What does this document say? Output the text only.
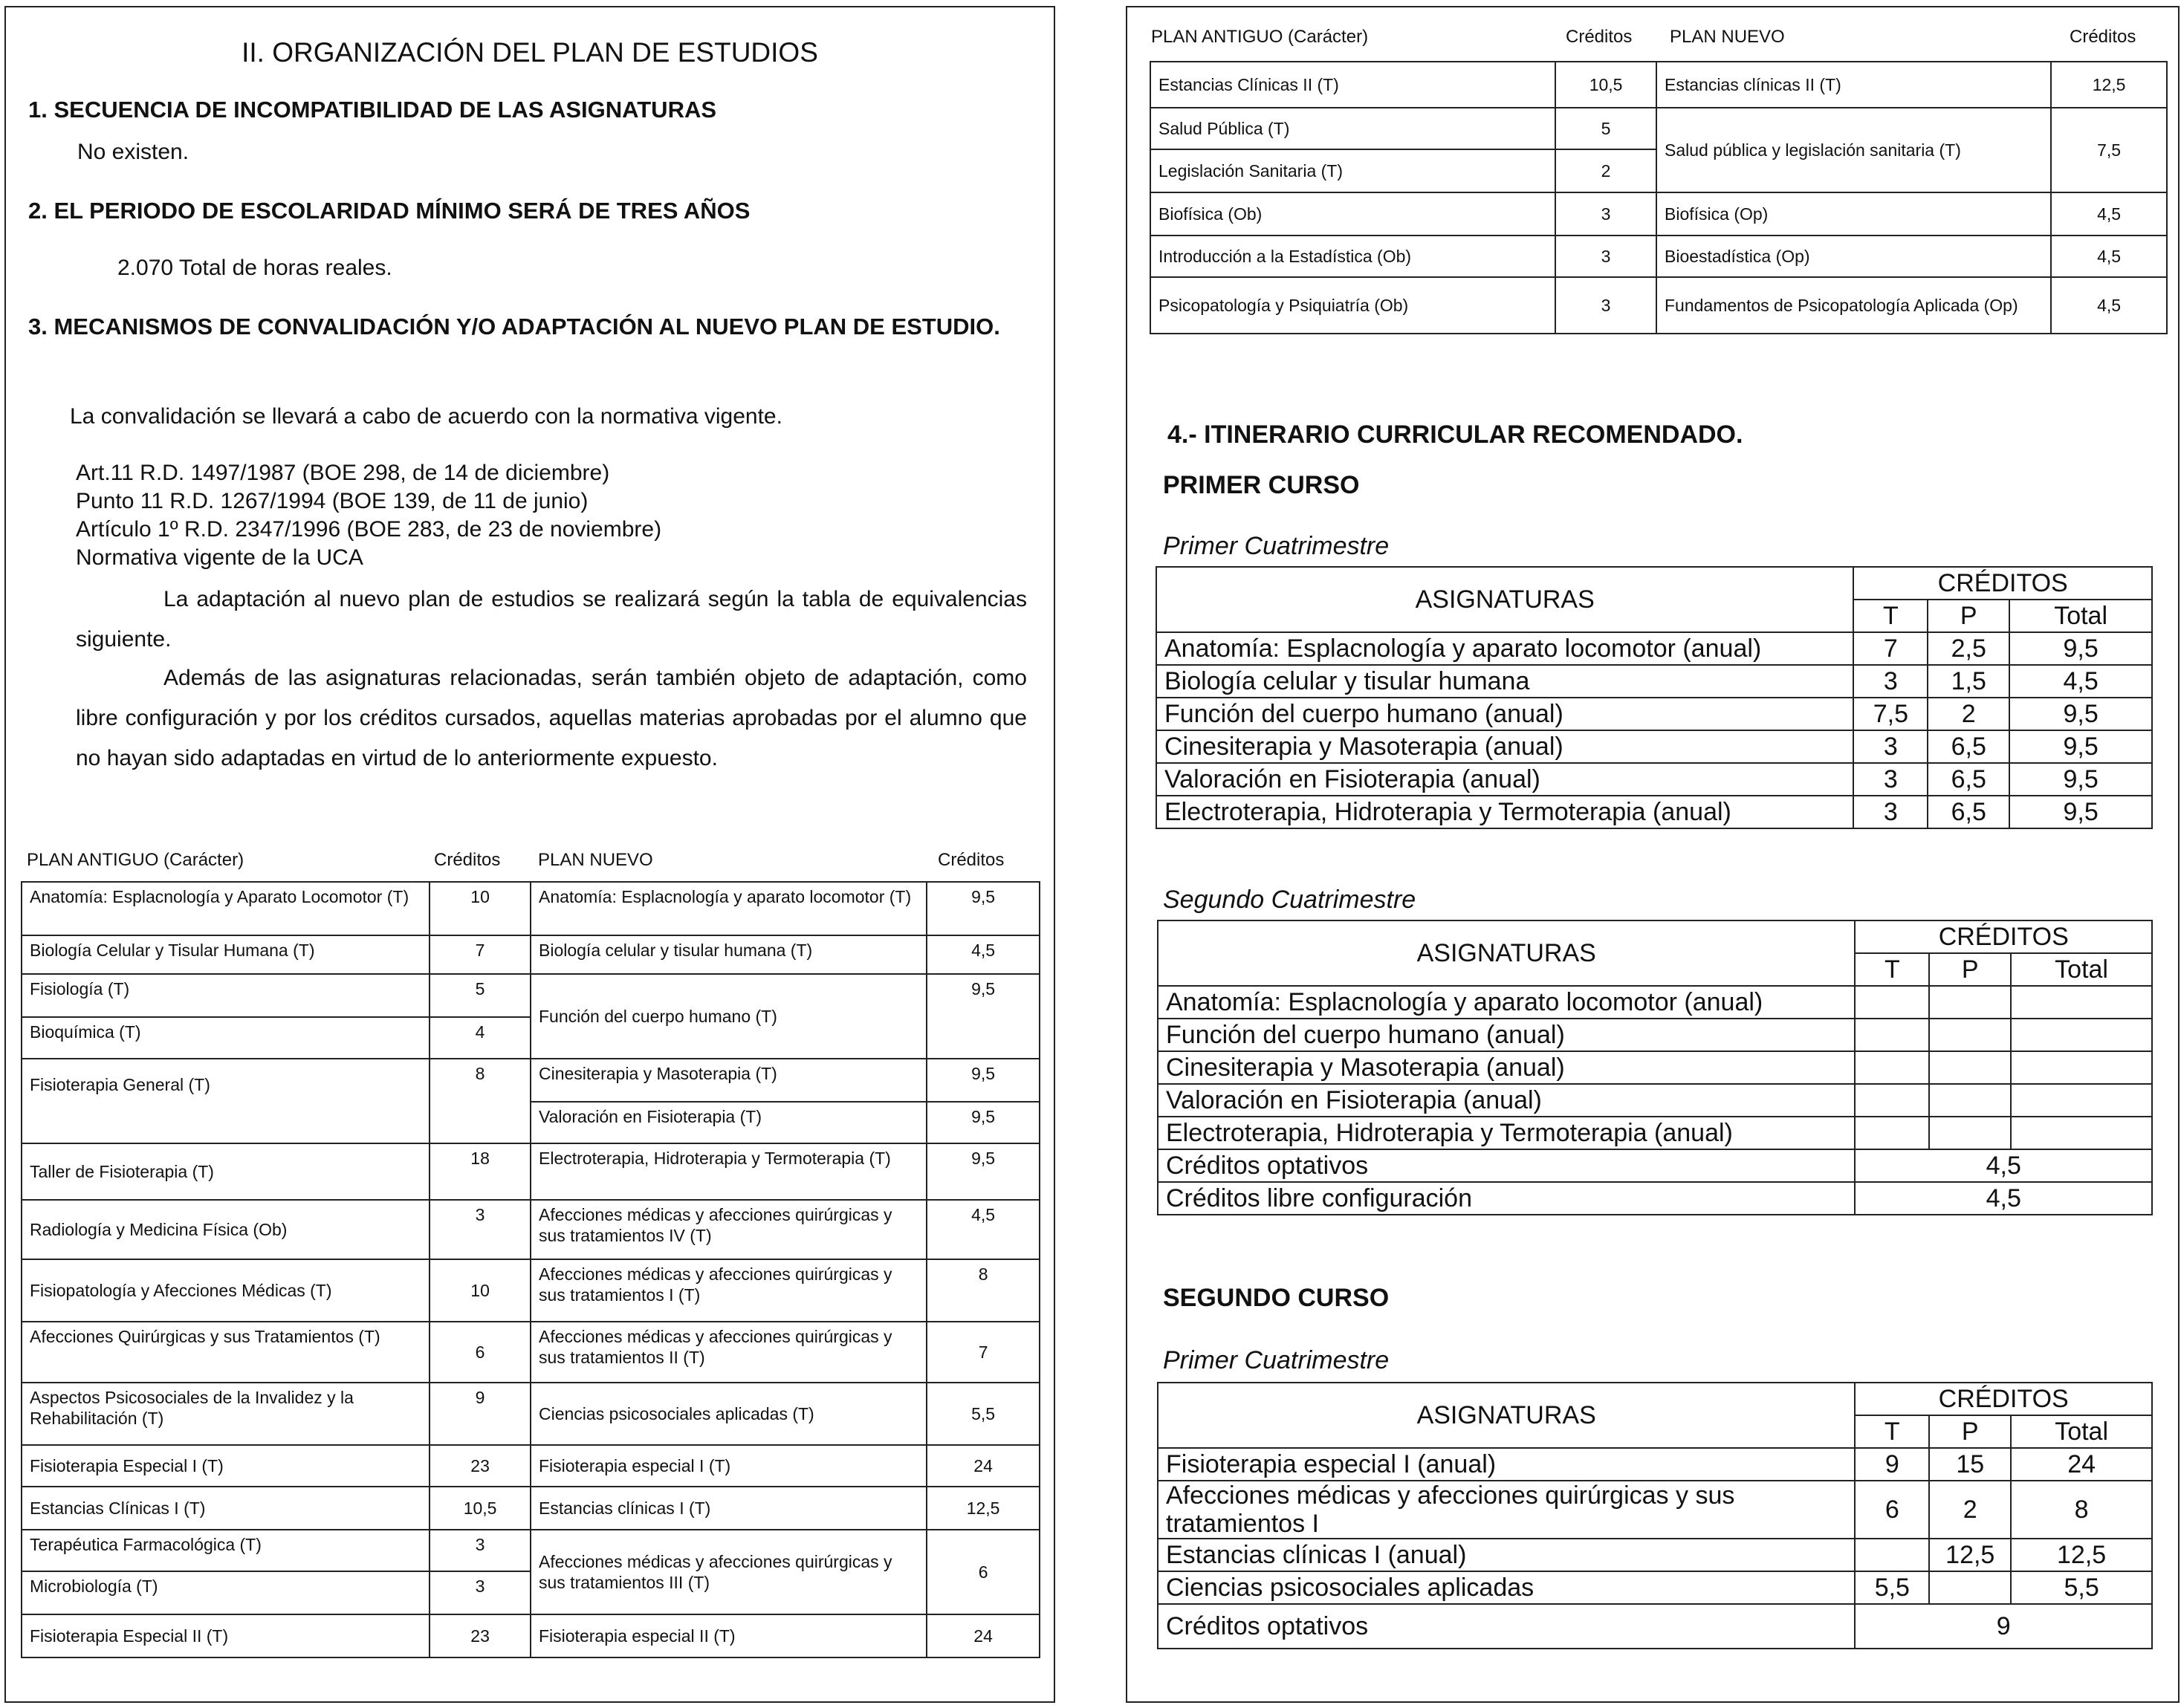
II. ORGANIZACIÓN DEL PLAN DE ESTUDIOS
1. SECUENCIA DE INCOMPATIBILIDAD DE LAS ASIGNATURAS
No existen.
2. EL PERIODO DE ESCOLARIDAD MÍNIMO SERÁ DE TRES AÑOS
2.070 Total de horas reales.
3. MECANISMOS DE CONVALIDACIÓN Y/O ADAPTACIÓN AL NUEVO PLAN DE ESTUDIO.
La convalidación se llevará a cabo de acuerdo con la normativa vigente.
Art.11 R.D. 1497/1987 (BOE 298, de 14 de diciembre)
Punto 11 R.D. 1267/1994 (BOE 139, de 11 de junio)
Artículo 1º R.D. 2347/1996 (BOE 283, de 23 de noviembre)
Normativa vigente de la UCA
La adaptación al nuevo plan de estudios se realizará según la tabla de equivalencias siguiente.
Además de las asignaturas relacionadas, serán también objeto de adaptación, como libre configuración y por los créditos cursados, aquellas materias aprobadas por el alumno que no hayan sido adaptadas en virtud de lo anteriormente expuesto.
PLAN ANTIGUO (Carácter)	Créditos PLAN NUEVO	Créditos
Anatomía: Esplacnología y Aparato Locomotor (T)	10	Anatomía: Esplacnología y aparato locomotor (T)	9,5
Biología Celular y Tisular Humana (T)	7	Biología celular y tisular humana (T)	4,5
Fisiología (T)	5	Función del cuerpo humano (T)	9,5
Bioquímica (T)	4		
Fisioterapia General (T)	8	Cinesiterapia y Masoterapia (T)	9,5
		Valoración en Fisioterapia (T)	9,5
Taller de Fisioterapia (T)	18	Electroterapia, Hidroterapia y Termoterapia (T)	9,5
Radiología y Medicina Física (Ob)	3	Afecciones médicas y afecciones quirúrgicas y sus tratamientos IV (T)	4,5
Fisiopatología y Afecciones Médicas (T)	10	Afecciones médicas y afecciones quirúrgicas y sus tratamientos I (T)	8
Afecciones Quirúrgicas y sus Tratamientos (T)	6	Afecciones médicas y afecciones quirúrgicas y sus tratamientos II (T)	7
Aspectos Psicosociales de la Invalidez y la Rehabilitación (T)	9	Ciencias psicosociales aplicadas (T)	5,5
Fisioterapia Especial I (T)	23	Fisioterapia especial I (T)	24
Estancias Clínicas I (T)	10,5	Estancias clínicas I (T)	12,5
Terapéutica Farmacológica (T)	3	Afecciones médicas y afecciones quirúrgicas y sus tratamientos III (T)	6
Microbiología (T)	3		
Fisioterapia Especial II (T)	23	Fisioterapia especial II (T)	24
PLAN ANTIGUO (Carácter)	Créditos PLAN NUEVO	Créditos
Estancias Clínicas II (T)	10,5	Estancias clínicas II (T)	12,5
Salud Pública (T)	5	Salud pública y legislación sanitaria (T)	7,5
Legislación Sanitaria (T)	2		
Biofísica (Ob)	3	Biofísica (Op)	4,5
Introducción a la Estadística (Ob)	3	Bioestadística (Op)	4,5
Psicopatología y Psiquiatría (Ob)	3	Fundamentos de Psicopatología Aplicada (Op)	4,5
4.- ITINERARIO CURRICULAR RECOMENDADO.
PRIMER CURSO
Primer Cuatrimestre
ASIGNATURAS	CRÉDITOS		
	T	P	Total
Anatomía: Esplacnología y aparato locomotor (anual)	7	2,5	9,5
Biología celular y tisular humana	3	1,5	4,5
Función del cuerpo humano (anual)	7,5	2	9,5
Cinesiterapia y Masoterapia (anual)	3	6,5	9,5
Valoración en Fisioterapia (anual)	3	6,5	9,5
Electroterapia, Hidroterapia y Termoterapia (anual)	3	6,5	9,5
Segundo Cuatrimestre
ASIGNATURAS	CRÉDITOS		
	T	P	Total
Anatomía: Esplacnología y aparato locomotor (anual)			
Función del cuerpo humano (anual)			
Cinesiterapia y Masoterapia (anual)			
Valoración en Fisioterapia (anual)			
Electroterapia, Hidroterapia y Termoterapia (anual)			
Créditos optativos	4,5		
Créditos libre configuración	4,5		
SEGUNDO CURSO
Primer Cuatrimestre
ASIGNATURAS	CRÉDITOS		
	T	P	Total
Fisioterapia especial I (anual)	9	15	24
Afecciones médicas y afecciones quirúrgicas y sus tratamientos I	6	2	8
Estancias clínicas I (anual)		12,5	12,5
Ciencias psicosociales aplicadas	5,5		5,5
Créditos optativos	9		
